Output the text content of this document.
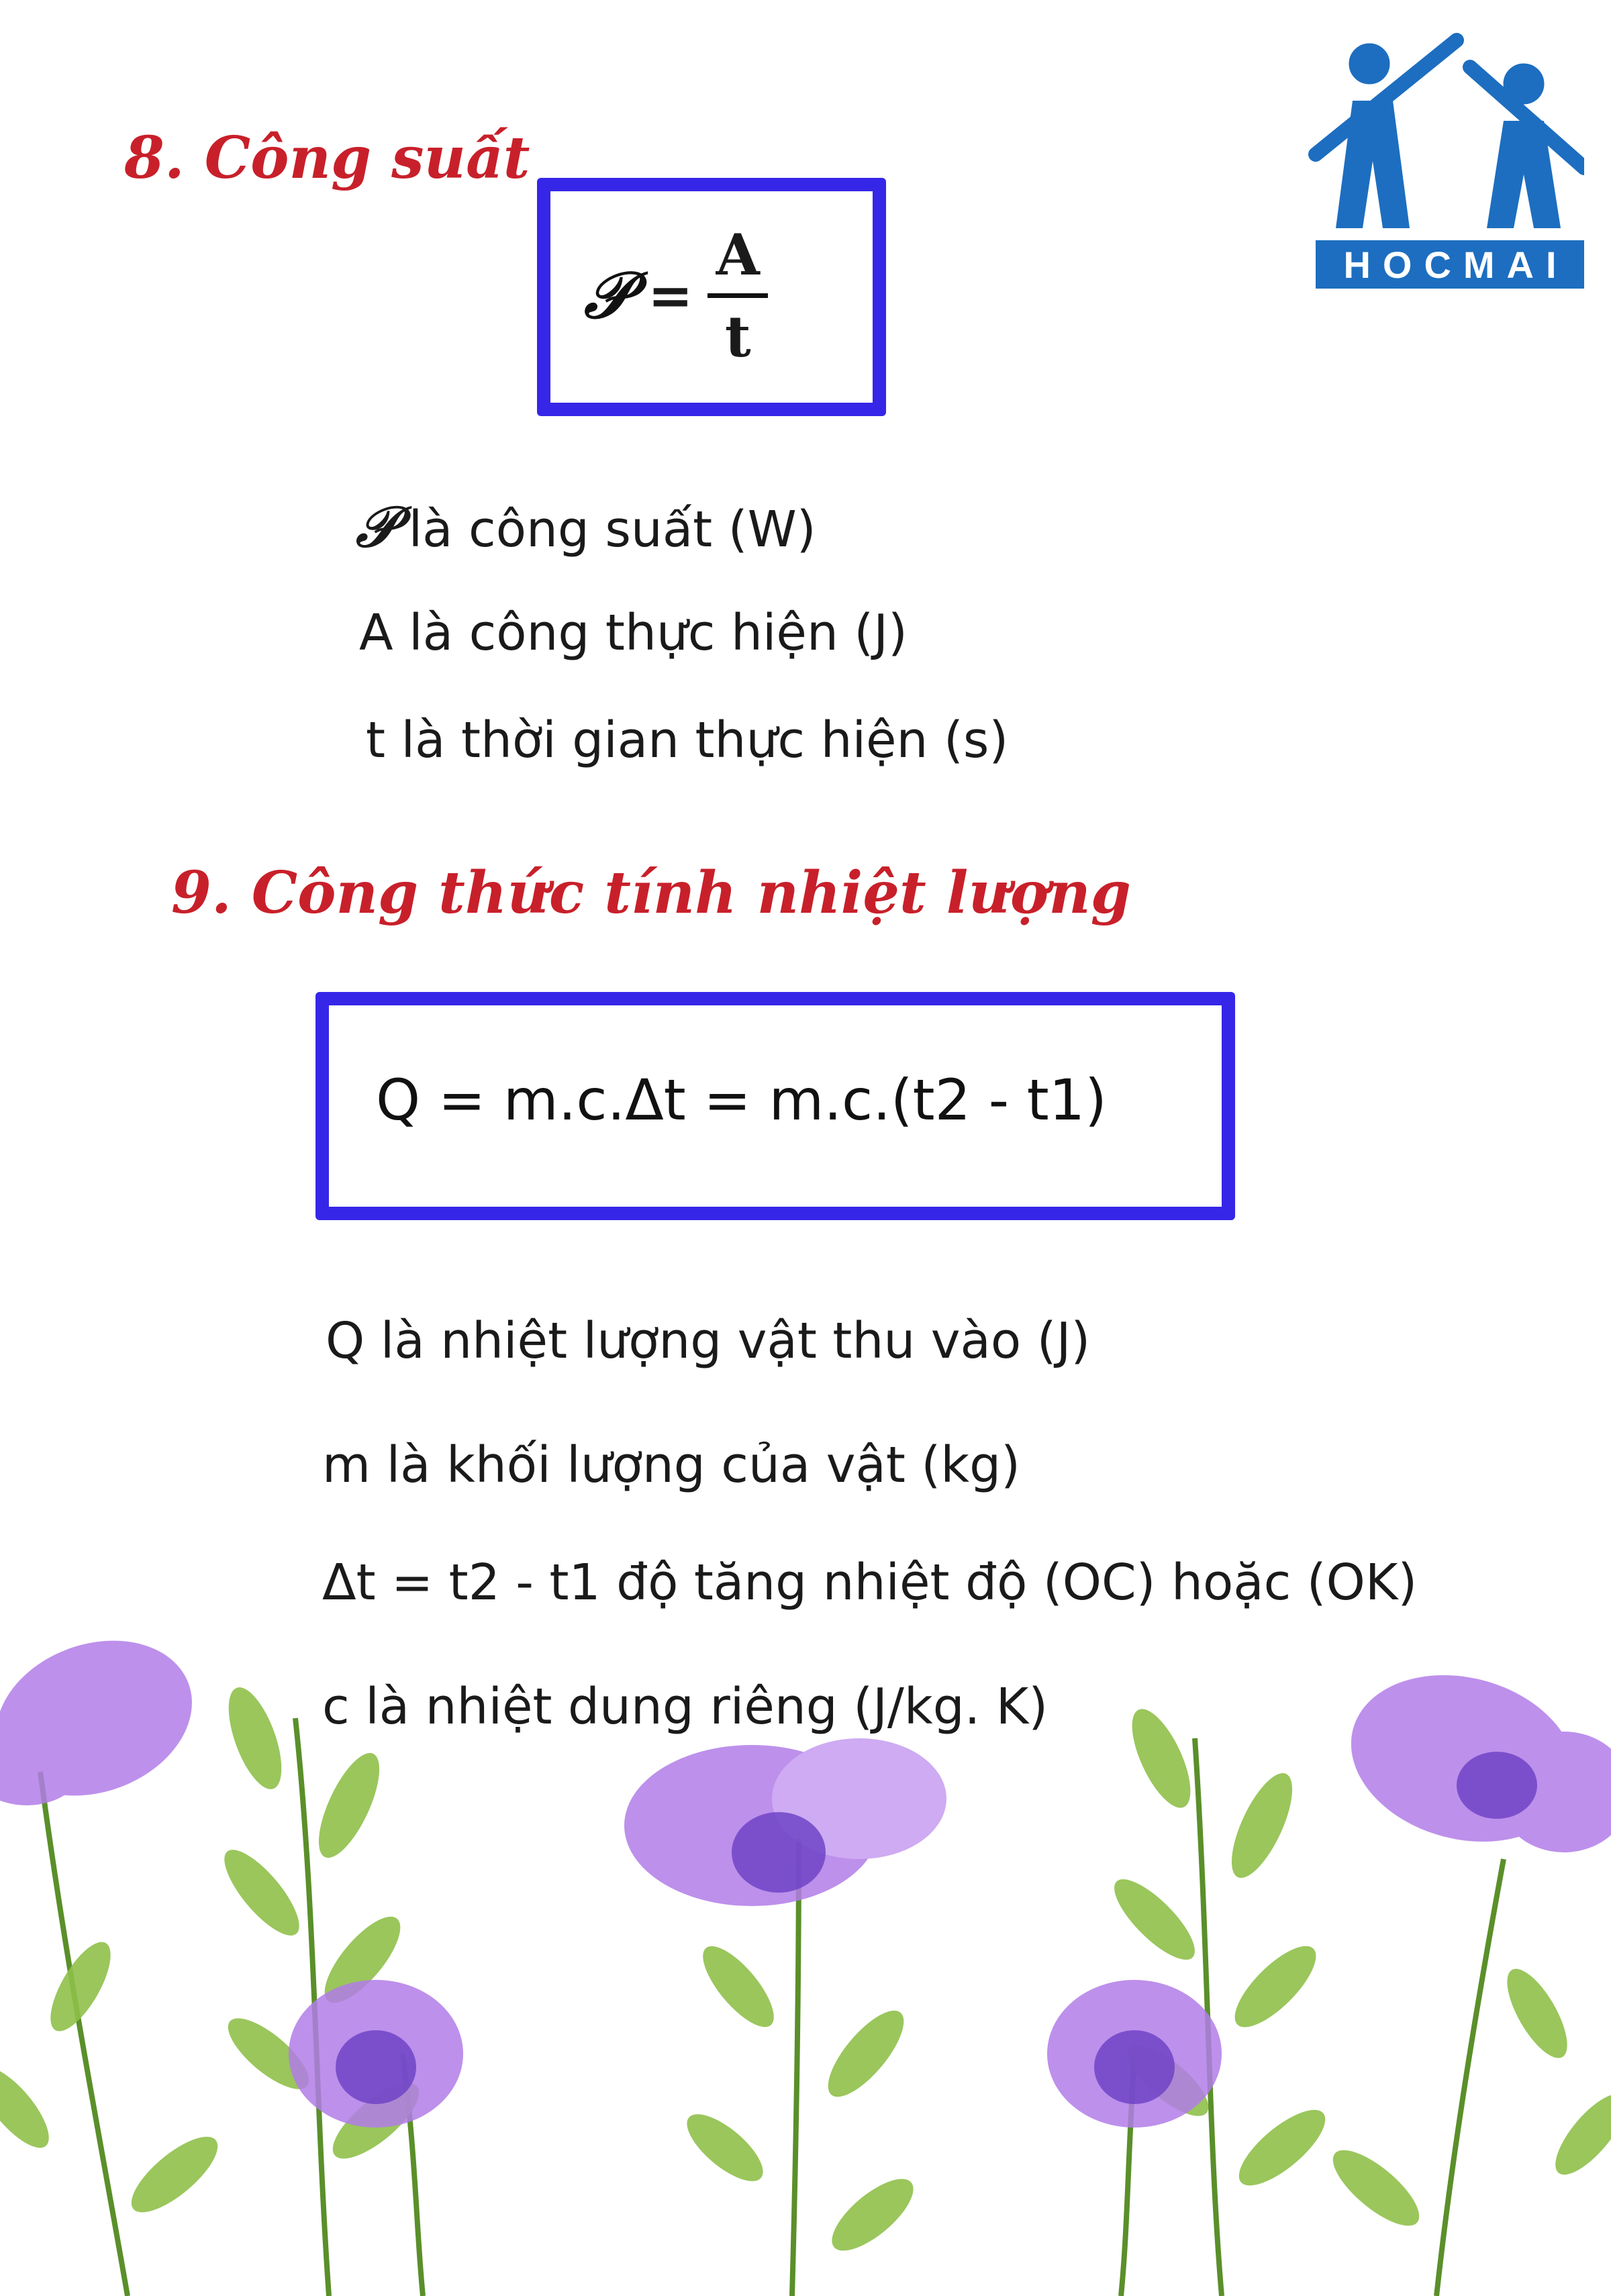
HOCMAI
8. Công suất
𝒫 =
A
t
𝒫 là công suất (W)
A là công thực hiện (J)
t là thời gian thực hiện (s)
9. Công thức tính nhiệt lượng
Q = m.c.Δt = m.c.(t2 - t1)
Q là nhiệt lượng vật thu vào (J)
m là khối lượng của vật (kg)
Δt = t2 - t1 độ tăng nhiệt độ (OC) hoặc (OK)
c là nhiệt dung riêng (J/kg. K)
